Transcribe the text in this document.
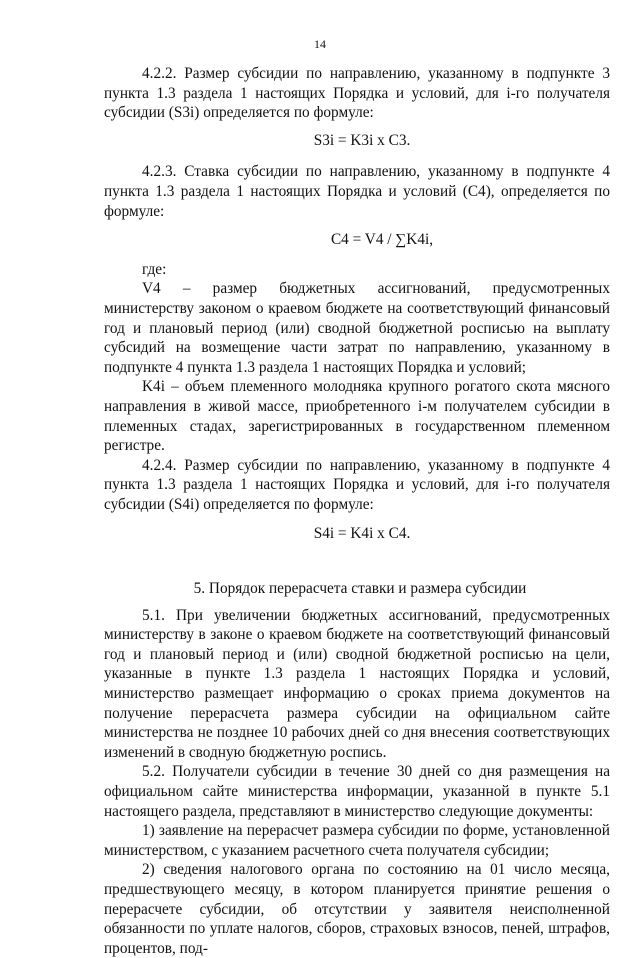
14

4.2.2. Размер субсидии по направлению, указанному в подпункте 3 пункта 1.3 раздела 1 настоящих Порядка и условий, для i-го получателя субсидии (S3i) определяется по формуле:

S3i = K3i x C3.

4.2.3. Ставка субсидии по направлению, указанному в подпункте 4 пункта 1.3 раздела 1 настоящих Порядка и условий (C4), определяется по формуле:

C4 = V4 / ∑K4i,

где:

V4 – размер бюджетных ассигнований, предусмотренных министерству законом о краевом бюджете на соответствующий финансовый год и плановый период (или) сводной бюджетной росписью на выплату субсидий на возмещение части затрат по направлению, указанному в подпункте 4 пункта 1.3 раздела 1 настоящих Порядка и условий;

K4i – объем племенного молодняка крупного рогатого скота мясного направления в живой массе, приобретенного i-м получателем субсидии в племенных стадах, зарегистрированных в государственном племенном регистре.

4.2.4. Размер субсидии по направлению, указанному в подпункте 4 пункта 1.3 раздела 1 настоящих Порядка и условий, для i-го получателя субсидии (S4i) определяется по формуле:

S4i = K4i x C4.

5. Порядок перерасчета ставки и размера субсидии

5.1. При увеличении бюджетных ассигнований, предусмотренных министерству в законе о краевом бюджете на соответствующий финансовый год и плановый период и (или) сводной бюджетной росписью на цели, указанные в пункте 1.3 раздела 1 настоящих Порядка и условий, министерство размещает информацию о сроках приема документов на получение перерасчета размера субсидии на официальном сайте министерства не позднее 10 рабочих дней со дня внесения соответствующих изменений в сводную бюджетную роспись.

5.2. Получатели субсидии в течение 30 дней со дня размещения на официальном сайте министерства информации, указанной в пункте 5.1 настоящего раздела, представляют в министерство следующие документы:

1) заявление на перерасчет размера субсидии по форме, установленной министерством, с указанием расчетного счета получателя субсидии;

2) сведения налогового органа по состоянию на 01 число месяца, предшествующего месяцу, в котором планируется принятие решения о перерасчете субсидии, об отсутствии у заявителя неисполненной обязанности по уплате налогов, сборов, страховых взносов, пеней, штрафов, процентов, под-
